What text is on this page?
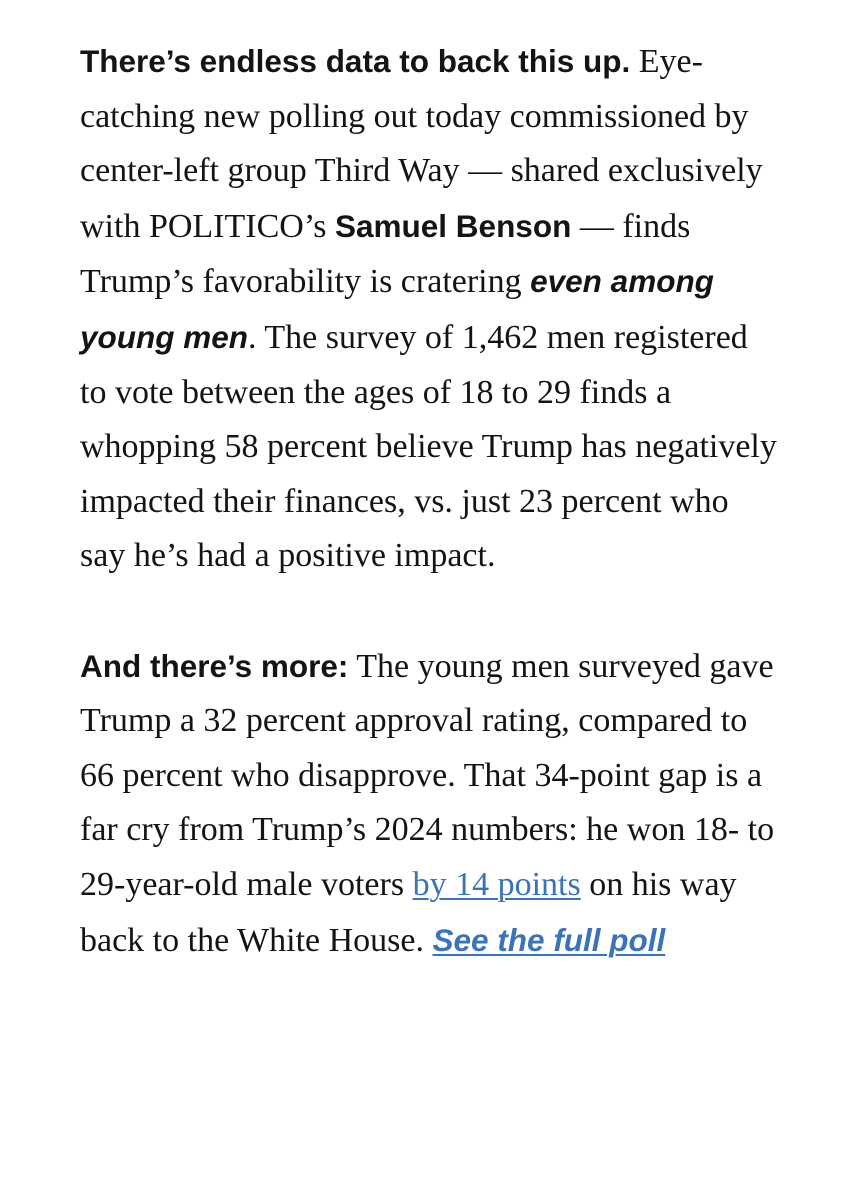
There’s endless data to back this up. Eye-catching new polling out today commissioned by center-left group Third Way — shared exclusively with POLITICO’s Samuel Benson — finds Trump’s favorability is cratering even among young men. The survey of 1,462 men registered to vote between the ages of 18 to 29 finds a whopping 58 percent believe Trump has negatively impacted their finances, vs. just 23 percent who say he’s had a positive impact.

And there’s more: The young men surveyed gave Trump a 32 percent approval rating, compared to 66 percent who disapprove. That 34-point gap is a far cry from Trump’s 2024 numbers: he won 18- to 29-year-old male voters by 14 points on his way back to the White House. See the full poll
